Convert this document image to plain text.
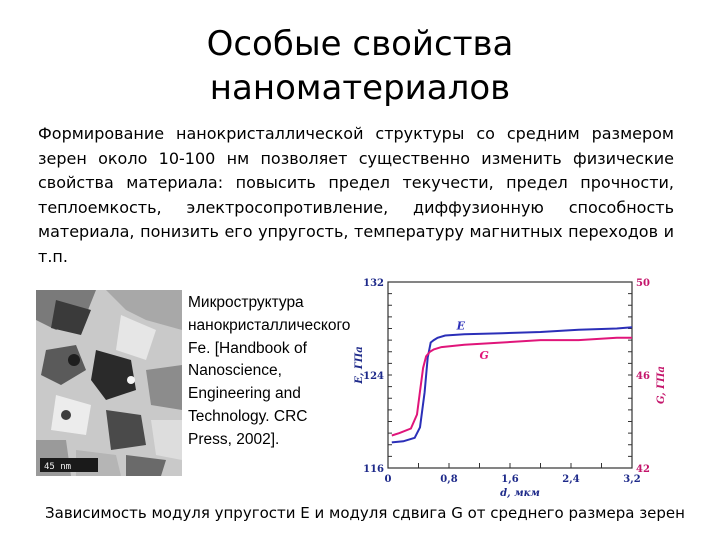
Особые свойства
наноматериалов
Формирование нанокристаллической структуры со средним размером зерен около 10-100 нм позволяет существенно изменить физические свойства материала: повысить предел текучести, предел прочности, теплоемкость, электросопротивление, диффузионную способность материала, понизить его упругость, температуру магнитных переходов и т.п.
45 nm
Микроструктура нанокристаллического Fe. [Handbook of Nanoscience, Engineering and Technology. CRC Press, 2002].
0	0,8	1,6	2,4	3,2
116
124
132
42
46
50
d, мкм
E, ГПа
G, ГПа
E
G
Зависимость модуля упругости E и модуля сдвига G от среднего размера зерен
